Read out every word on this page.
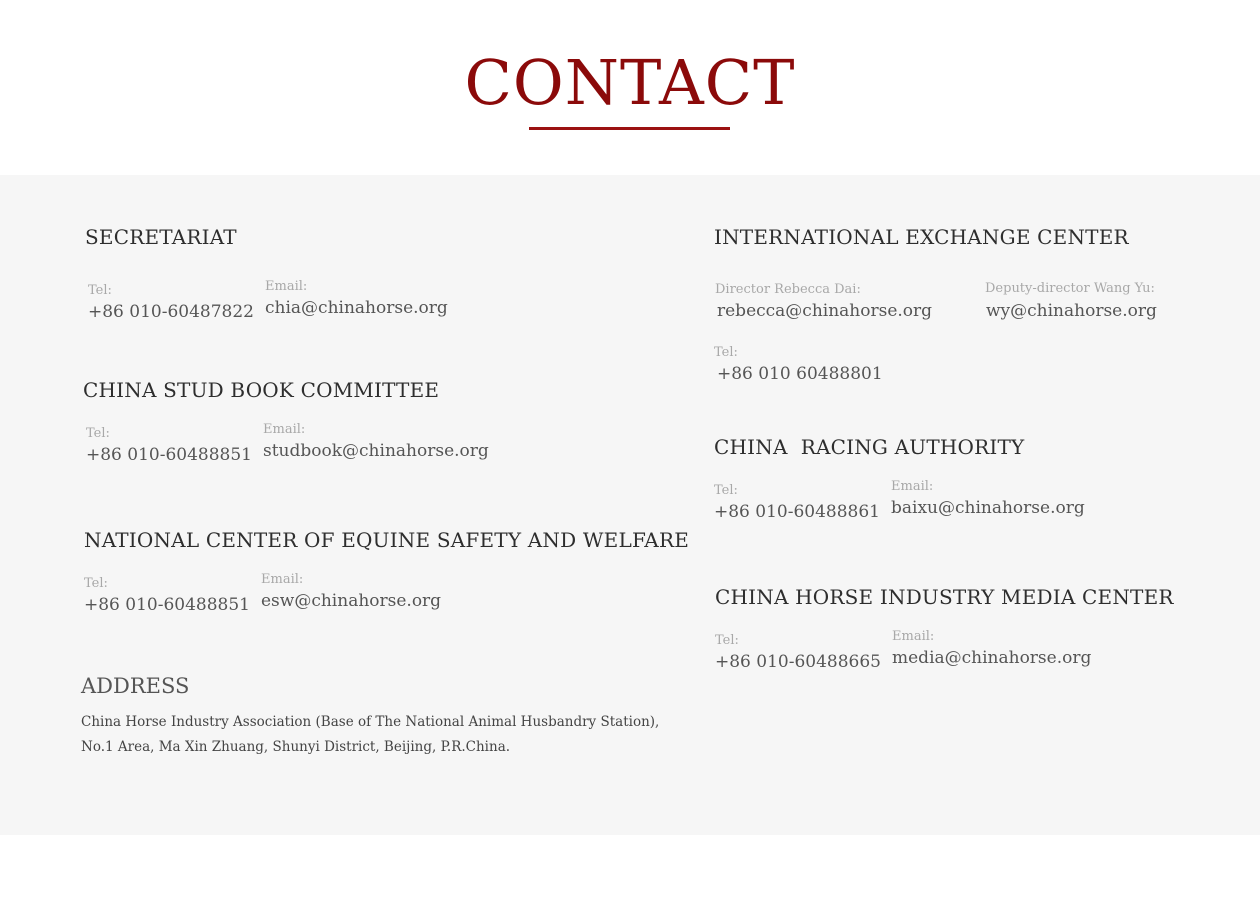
CONTACT
SECRETARIAT
Tel:
+86 010-60487822
Email:
chia@chinahorse.org
CHINA STUD BOOK COMMITTEE
Tel:
+86 010-60488851
Email:
studbook@chinahorse.org
NATIONAL CENTER OF EQUINE SAFETY AND WELFARE
Tel:
+86 010-60488851
Email:
esw@chinahorse.org
ADDRESS
China Horse Industry Association (Base of The National Animal Husbandry Station),
No.1 Area, Ma Xin Zhuang, Shunyi District, Beijing, P.R.China.
INTERNATIONAL EXCHANGE CENTER
Director Rebecca Dai:
rebecca@chinahorse.org
Deputy-director Wang Yu:
wy@chinahorse.org
Tel:
+86 010 60488801
CHINA  RACING AUTHORITY
Tel:
+86 010-60488861
Email:
baixu@chinahorse.org
CHINA HORSE INDUSTRY MEDIA CENTER
Tel:
+86 010-60488665
Email:
media@chinahorse.org
